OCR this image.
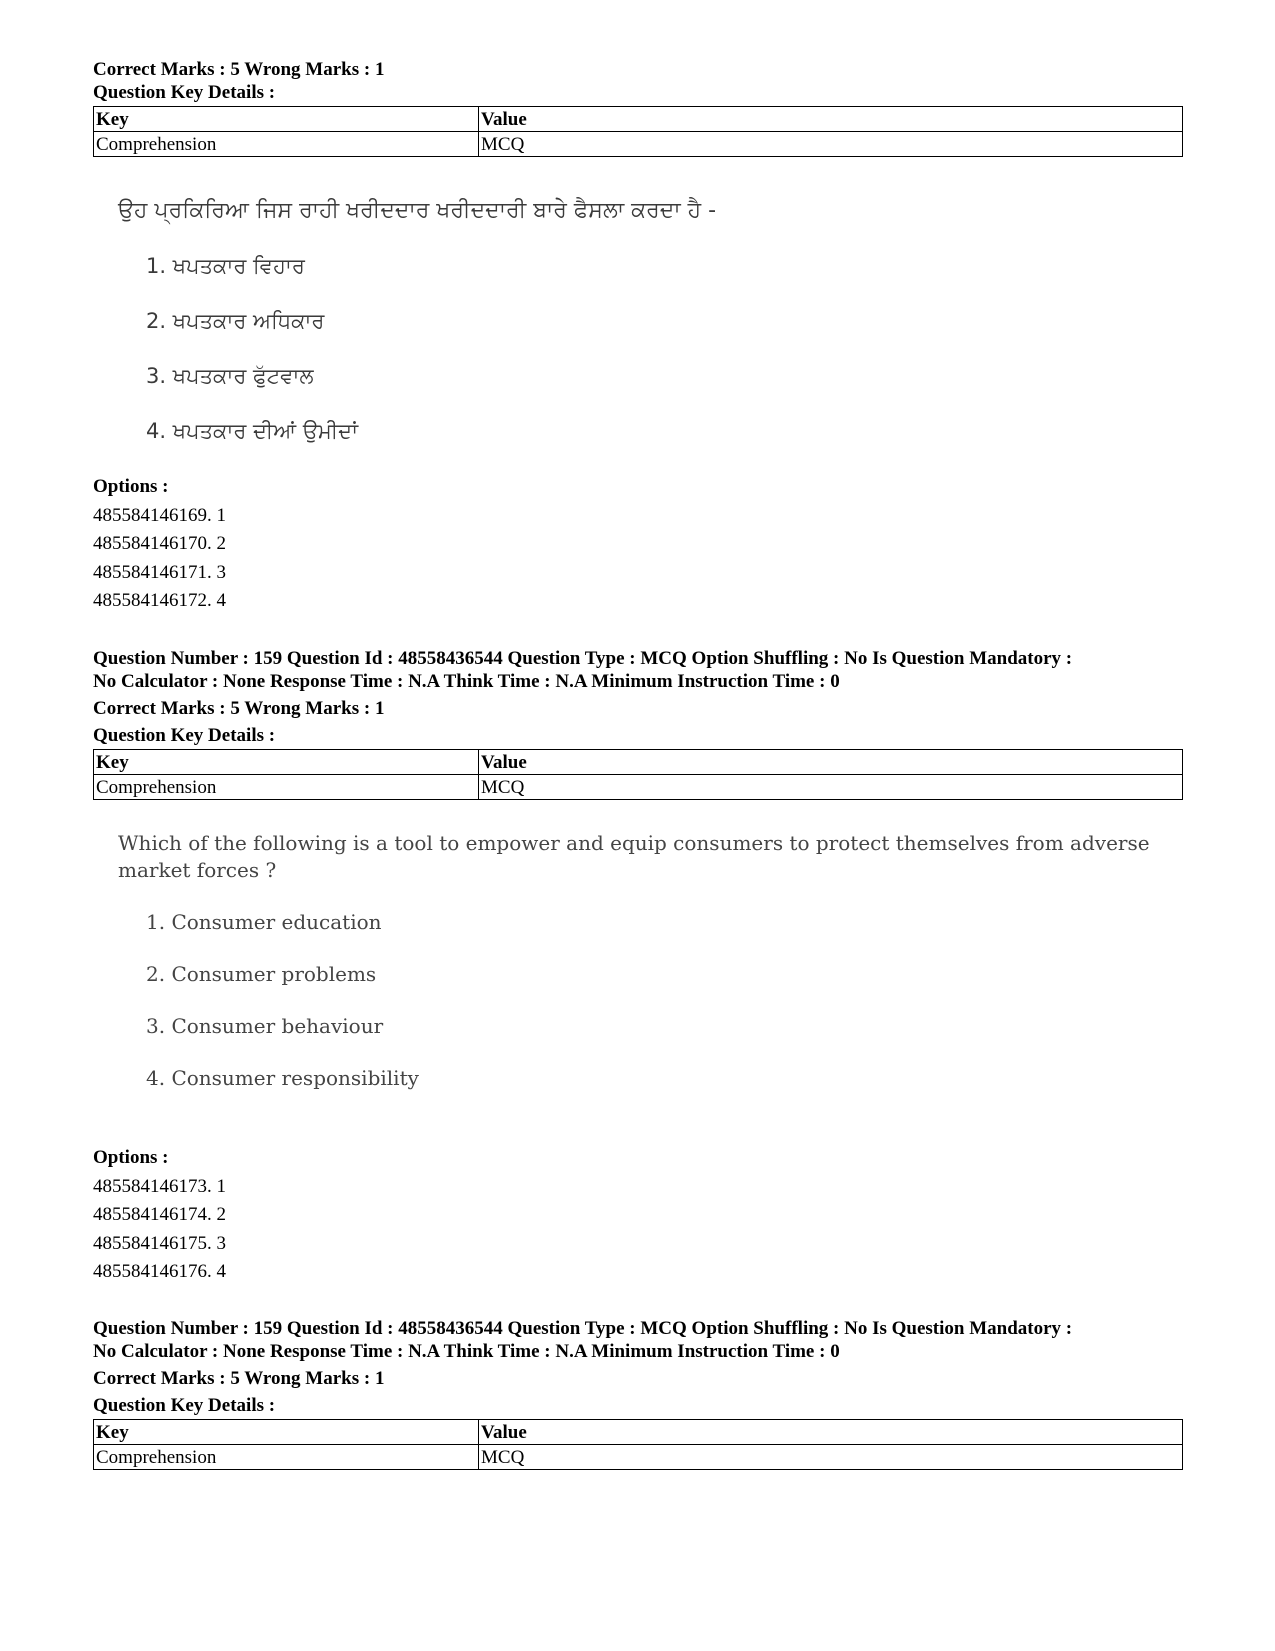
Correct Marks : 5 Wrong Marks : 1

Question Key Details :

Key	Value
Comprehension	MCQ

ਉਹ ਪ੍ਰਕਿਰਿਆ ਜਿਸ ਰਾਹੀ ਖਰੀਦਦਾਰ ਖਰੀਦਦਾਰੀ ਬਾਰੇ ਫੈਸਲਾ ਕਰਦਾ ਹੈ -

1. ਖਪਤਕਾਰ ਵਿਹਾਰ

2. ਖਪਤਕਾਰ ਅਧਿਕਾਰ

3. ਖਪਤਕਾਰ ਫੁੱਟਵਾਲ

4. ਖਪਤਕਾਰ ਦੀਆਂ ਉਮੀਦਾਂ

Options :

485584146169. 1

485584146170. 2

485584146171. 3

485584146172. 4

Question Number : 159 Question Id : 48558436544 Question Type : MCQ Option Shuffling : No Is Question Mandatory :

No Calculator : None Response Time : N.A Think Time : N.A Minimum Instruction Time : 0

Correct Marks : 5 Wrong Marks : 1

Question Key Details :

Key	Value
Comprehension	MCQ

Which of the following is a tool to empower and equip consumers to protect themselves from adverse market forces ?

1. Consumer education

2. Consumer problems

3. Consumer behaviour

4. Consumer responsibility

Options :

485584146173. 1

485584146174. 2

485584146175. 3

485584146176. 4

Question Number : 159 Question Id : 48558436544 Question Type : MCQ Option Shuffling : No Is Question Mandatory :

No Calculator : None Response Time : N.A Think Time : N.A Minimum Instruction Time : 0

Correct Marks : 5 Wrong Marks : 1

Question Key Details :

Key	Value
Comprehension	MCQ
